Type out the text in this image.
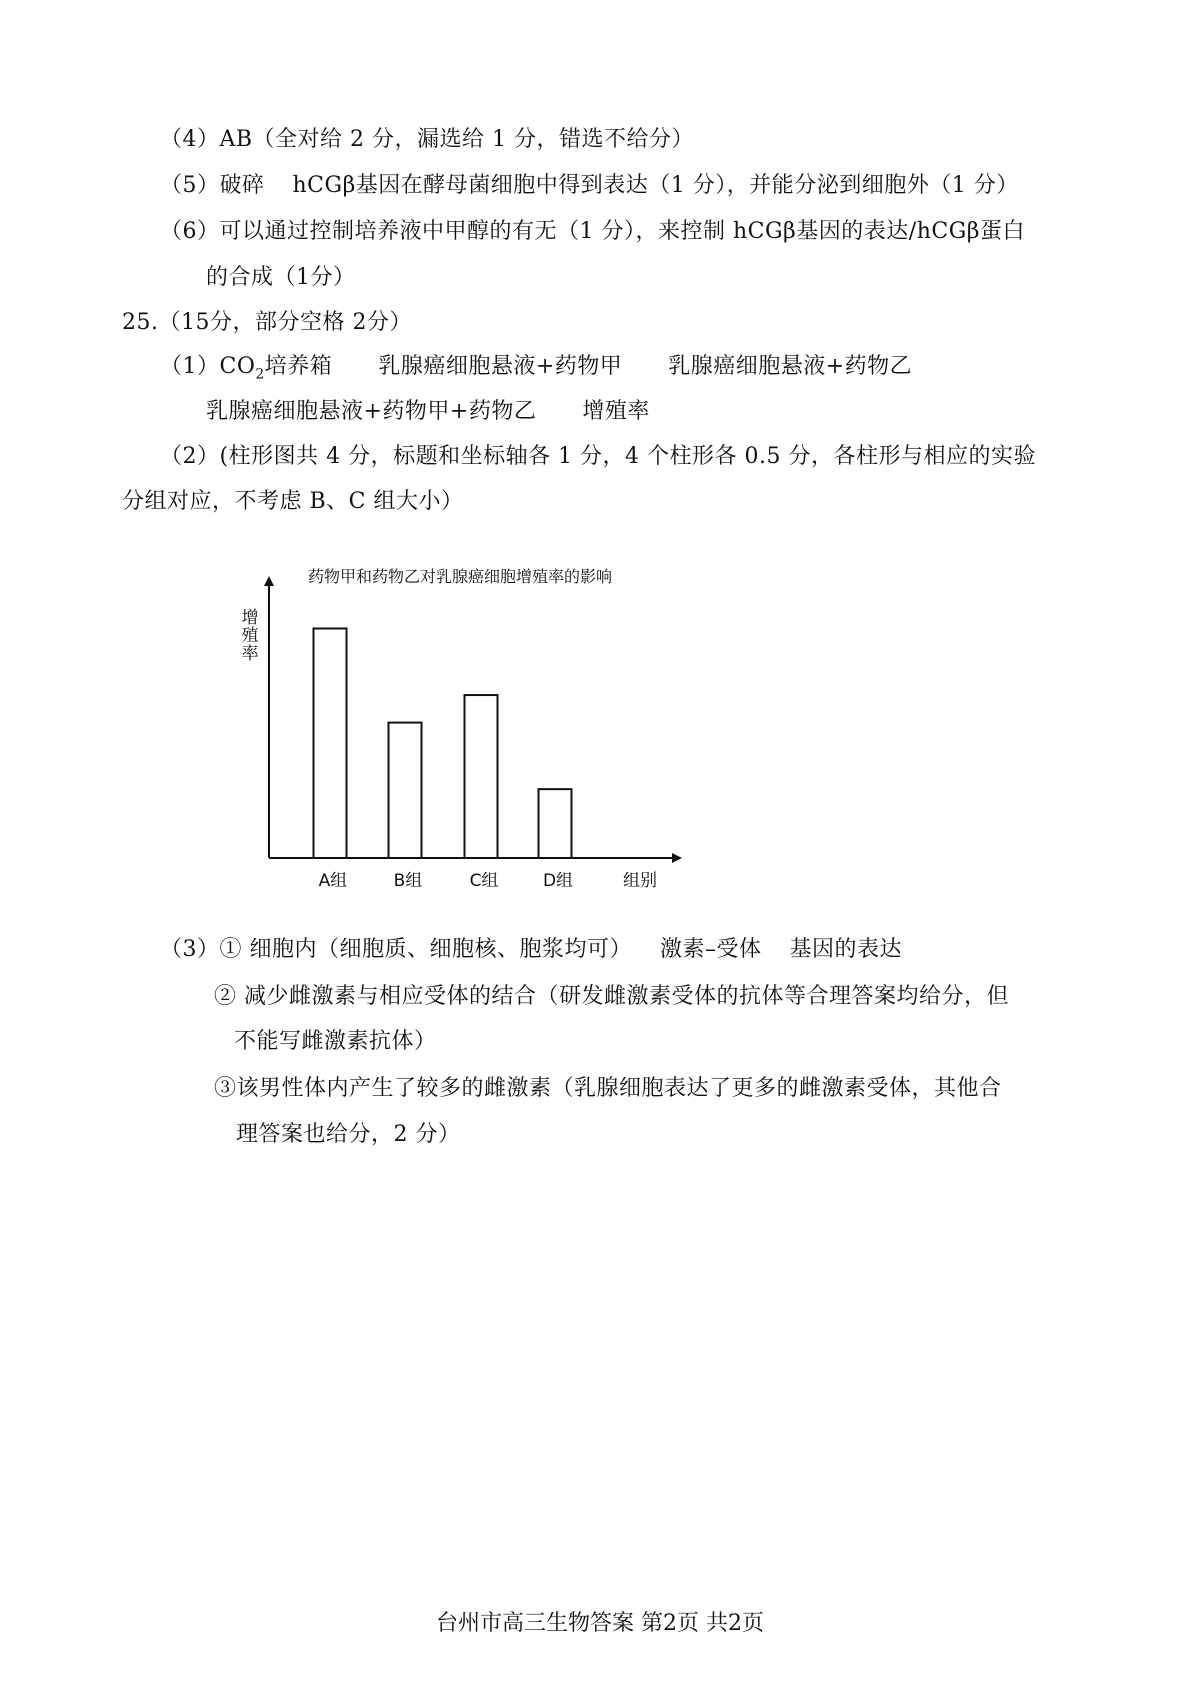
（4）AB（全对给 2 分，漏选给 1 分，错选不给分）
（5）破碎 hCGβ基因在酵母菌细胞中得到表达（1 分），并能分泌到细胞外（1 分）
（6）可以通过控制培养液中甲醇的有无（1 分），来控制 hCGβ基因的表达/hCGβ蛋白
的合成（1分）
25.（15分，部分空格 2分）
$(1)CO_2$培养箱 乳腺癌细胞悬液+药物甲 乳腺癌细胞悬液+药物乙
乳腺癌细胞悬液+药物甲+药物乙 增殖率
（2）(柱形图共 4 分，标题和坐标轴各 1 分，4 个柱形各 0.5 分，各柱形与相应的实验
分组对应，不考虑 B、C 组大小）
药物甲和药物乙对乳腺癌细胞增殖率的影响
增
殖
率
A组	B组	C组	D组	组别
（3）① 细胞内（细胞质、细胞核、胞浆均可） 激素–受体 基因的表达
② 减少雌激素与相应受体的结合（研发雌激素受体的抗体等合理答案均给分，但
不能写雌激素抗体）
③该男性体内产生了较多的雌激素（乳腺细胞表达了更多的雌激素受体，其他合
理答案也给分，2 分）
台州市高三生物答案 第2页 共2页
